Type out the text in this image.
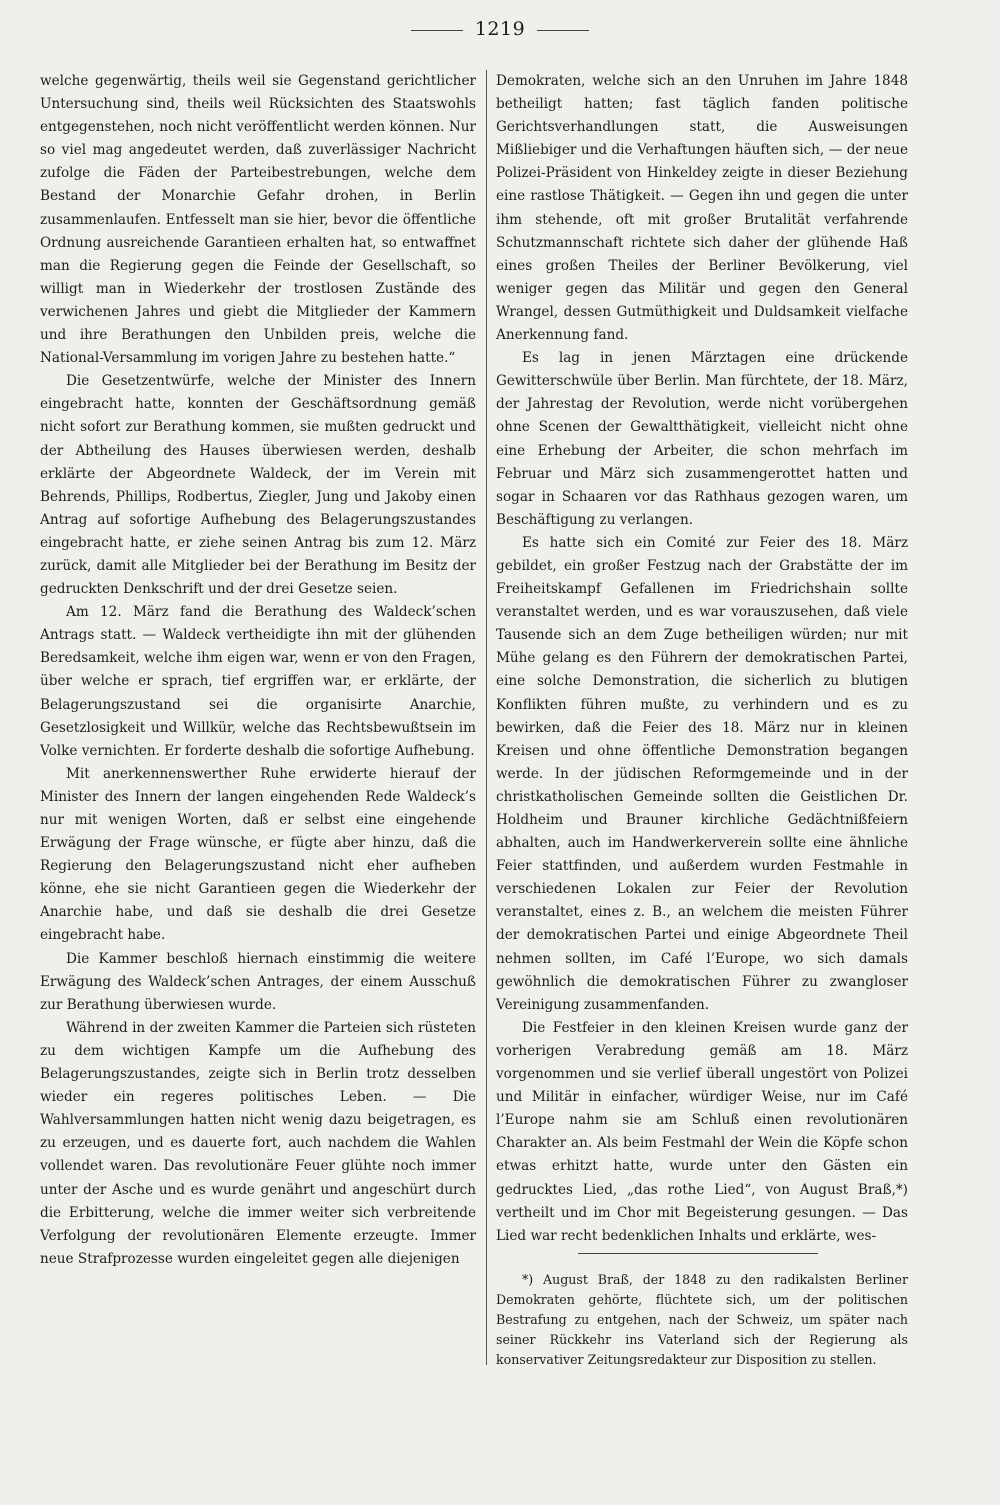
1219

welche gegenwärtig, theils weil sie Gegenstand gerichtlicher Untersuchung sind, theils weil Rücksichten des Staatswohls entgegenstehen, noch nicht veröffentlicht werden können. Nur so viel mag angedeutet werden, daß zuverlässiger Nachricht zufolge die Fäden der Parteibestrebungen, welche dem Bestand der Monarchie Gefahr drohen, in Berlin zusammenlaufen. Entfesselt man sie hier, bevor die öffentliche Ordnung ausreichende Garantieen erhalten hat, so entwaffnet man die Regierung gegen die Feinde der Gesellschaft, so willigt man in Wiederkehr der trostlosen Zustände des verwichenen Jahres und giebt die Mitglieder der Kammern und ihre Berathungen den Unbilden preis, welche die National-Versammlung im vorigen Jahre zu bestehen hatte.“

Die Gesetzentwürfe, welche der Minister des Innern eingebracht hatte, konnten der Geschäftsordnung gemäß nicht sofort zur Berathung kommen, sie mußten gedruckt und der Abtheilung des Hauses überwiesen werden, deshalb erklärte der Abgeordnete Waldeck, der im Verein mit Behrends, Phillips, Rodbertus, Ziegler, Jung und Jakoby einen Antrag auf sofortige Aufhebung des Belagerungszustandes eingebracht hatte, er ziehe seinen Antrag bis zum 12. März zurück, damit alle Mitglieder bei der Berathung im Besitz der gedruckten Denkschrift und der drei Gesetze seien.

Am 12. März fand die Berathung des Waldeck’schen Antrags statt. — Waldeck vertheidigte ihn mit der glühenden Beredsamkeit, welche ihm eigen war, wenn er von den Fragen, über welche er sprach, tief ergriffen war, er erklärte, der Belagerungszustand sei die organisirte Anarchie, Gesetzlosigkeit und Willkür, welche das Rechtsbewußtsein im Volke vernichten. Er forderte deshalb die sofortige Aufhebung.

Mit anerkennenswerther Ruhe erwiderte hierauf der Minister des Innern der langen eingehenden Rede Waldeck’s nur mit wenigen Worten, daß er selbst eine eingehende Erwägung der Frage wünsche, er fügte aber hinzu, daß die Regierung den Belagerungszustand nicht eher aufheben könne, ehe sie nicht Garantieen gegen die Wiederkehr der Anarchie habe, und daß sie deshalb die drei Gesetze eingebracht habe.

Die Kammer beschloß hiernach einstimmig die weitere Erwägung des Waldeck’schen Antrages, der einem Ausschuß zur Berathung überwiesen wurde.

Während in der zweiten Kammer die Parteien sich rüsteten zu dem wichtigen Kampfe um die Aufhebung des Belagerungszustandes, zeigte sich in Berlin trotz desselben wieder ein regeres politisches Leben. — Die Wahlversammlungen hatten nicht wenig dazu beigetragen, es zu erzeugen, und es dauerte fort, auch nachdem die Wahlen vollendet waren. Das revolutionäre Feuer glühte noch immer unter der Asche und es wurde genährt und angeschürt durch die Erbitterung, welche die immer weiter sich verbreitende Verfolgung der revolutionären Elemente erzeugte. Immer neue Strafprozesse wurden eingeleitet gegen alle diejenigen

Demokraten, welche sich an den Unruhen im Jahre 1848 betheiligt hatten; fast täglich fanden politische Gerichtsverhandlungen statt, die Ausweisungen Mißliebiger und die Verhaftungen häuften sich, — der neue Polizei-Präsident von Hinkeldey zeigte in dieser Beziehung eine rastlose Thätigkeit. — Gegen ihn und gegen die unter ihm stehende, oft mit großer Brutalität verfahrende Schutzmannschaft richtete sich daher der glühende Haß eines großen Theiles der Berliner Bevölkerung, viel weniger gegen das Militär und gegen den General Wrangel, dessen Gutmüthigkeit und Duldsamkeit vielfache Anerkennung fand.

Es lag in jenen Märztagen eine drückende Gewitterschwüle über Berlin. Man fürchtete, der 18. März, der Jahrestag der Revolution, werde nicht vorübergehen ohne Scenen der Gewaltthätigkeit, vielleicht nicht ohne eine Erhebung der Arbeiter, die schon mehrfach im Februar und März sich zusammengerottet hatten und sogar in Schaaren vor das Rathhaus gezogen waren, um Beschäftigung zu verlangen.

Es hatte sich ein Comité zur Feier des 18. März gebildet, ein großer Festzug nach der Grabstätte der im Freiheitskampf Gefallenen im Friedrichshain sollte veranstaltet werden, und es war vorauszusehen, daß viele Tausende sich an dem Zuge betheiligen würden; nur mit Mühe gelang es den Führern der demokratischen Partei, eine solche Demonstration, die sicherlich zu blutigen Konflikten führen mußte, zu verhindern und es zu bewirken, daß die Feier des 18. März nur in kleinen Kreisen und ohne öffentliche Demonstration begangen werde. In der jüdischen Reformgemeinde und in der christkatholischen Gemeinde sollten die Geistlichen Dr. Holdheim und Brauner kirchliche Gedächtnißfeiern abhalten, auch im Handwerkerverein sollte eine ähnliche Feier stattfinden, und außerdem wurden Festmahle in verschiedenen Lokalen zur Feier der Revolution veranstaltet, eines z. B., an welchem die meisten Führer der demokratischen Partei und einige Abgeordnete Theil nehmen sollten, im Café l’Europe, wo sich damals gewöhnlich die demokratischen Führer zu zwangloser Vereinigung zusammenfanden.

Die Festfeier in den kleinen Kreisen wurde ganz der vorherigen Verabredung gemäß am 18. März vorgenommen und sie verlief überall ungestört von Polizei und Militär in einfacher, würdiger Weise, nur im Café l’Europe nahm sie am Schluß einen revolutionären Charakter an. Als beim Festmahl der Wein die Köpfe schon etwas erhitzt hatte, wurde unter den Gästen ein gedrucktes Lied, „das rothe Lied“, von August Braß,*) vertheilt und im Chor mit Begeisterung gesungen. — Das Lied war recht bedenklichen Inhalts und erklärte, wes-

*) August Braß, der 1848 zu den radikalsten Berliner Demokraten gehörte, flüchtete sich, um der politischen Bestrafung zu entgehen, nach der Schweiz, um später nach seiner Rückkehr ins Vaterland sich der Regierung als konservativer Zeitungsredakteur zur Disposition zu stellen.
